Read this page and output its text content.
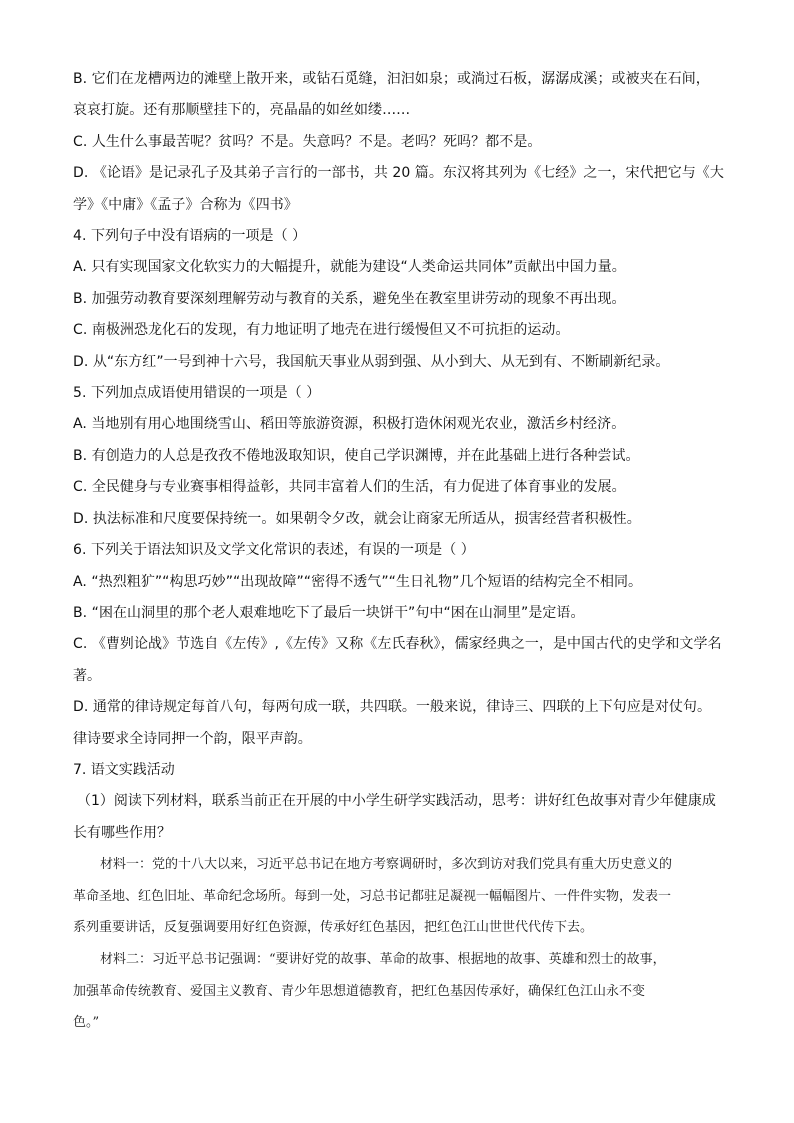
B. 它们在龙槽两边的滩壁上散开来，或钻石觅缝，汩汩如泉；或淌过石板，潺潺成溪；或被夹在石间，
哀哀打旋。还有那顺壁挂下的，亮晶晶的如丝如缕……
C. 人生什么事最苦呢？贫吗？不是。失意吗？不是。老吗？死吗？都不是。
D. 《论语》是记录孔子及其弟子言行的一部书，共 20 篇。东汉将其列为《七经》之一，宋代把它与《大
学》《中庸》《孟子》合称为《四书》
4. 下列句子中没有语病的一项是（ ）
A. 只有实现国家文化软实力的大幅提升，就能为建设“人类命运共同体”贡献出中国力量。
B. 加强劳动教育要深刻理解劳动与教育的关系，避免坐在教室里讲劳动的现象不再出现。
C. 南极洲恐龙化石的发现，有力地证明了地壳在进行缓慢但又不可抗拒的运动。
D. 从“东方红”一号到神十六号，我国航天事业从弱到强、从小到大、从无到有、不断刷新纪录。
5. 下列加点成语使用错误的一项是（ ）
A. 当地别有用心地围绕雪山、稻田等旅游资源，积极打造休闲观光农业，激活乡村经济。
B. 有创造力的人总是孜孜不倦地汲取知识，使自己学识渊博，并在此基础上进行各种尝试。
C. 全民健身与专业赛事相得益彰，共同丰富着人们的生活，有力促进了体育事业的发展。
D. 执法标准和尺度要保持统一。如果朝令夕改，就会让商家无所适从，损害经营者积极性。
6. 下列关于语法知识及文学文化常识的表述，有误的一项是（ ）
A. “热烈粗犷”“构思巧妙”“出现故障”“密得不透气”“生日礼物”几个短语的结构完全不相同。
B. “困在山洞里的那个老人艰难地吃下了最后一块饼干”句中“困在山洞里”是定语。
C. 《曹刿论战》节选自《左传》,《左传》又称《左氏春秋》，儒家经典之一，是中国古代的史学和文学名
著。
D. 通常的律诗规定每首八句，每两句成一联，共四联。一般来说，律诗三、四联的上下句应是对仗句。
律诗要求全诗同押一个韵，限平声韵。
7. 语文实践活动
（1）阅读下列材料，联系当前正在开展的中小学生研学实践活动，思考：讲好红色故事对青少年健康成
长有哪些作用？
材料一：党的十八大以来，习近平总书记在地方考察调研时，多次到访对我们党具有重大历史意义的
革命圣地、红色旧址、革命纪念场所。每到一处，习总书记都驻足凝视一幅幅图片、一件件实物，发表一
系列重要讲话，反复强调要用好红色资源，传承好红色基因，把红色江山世世代代传下去。
材料二：习近平总书记强调：“要讲好党的故事、革命的故事、根据地的故事、英雄和烈士的故事，
加强革命传统教育、爱国主义教育、青少年思想道德教育，把红色基因传承好，确保红色江山永不变
色。”
